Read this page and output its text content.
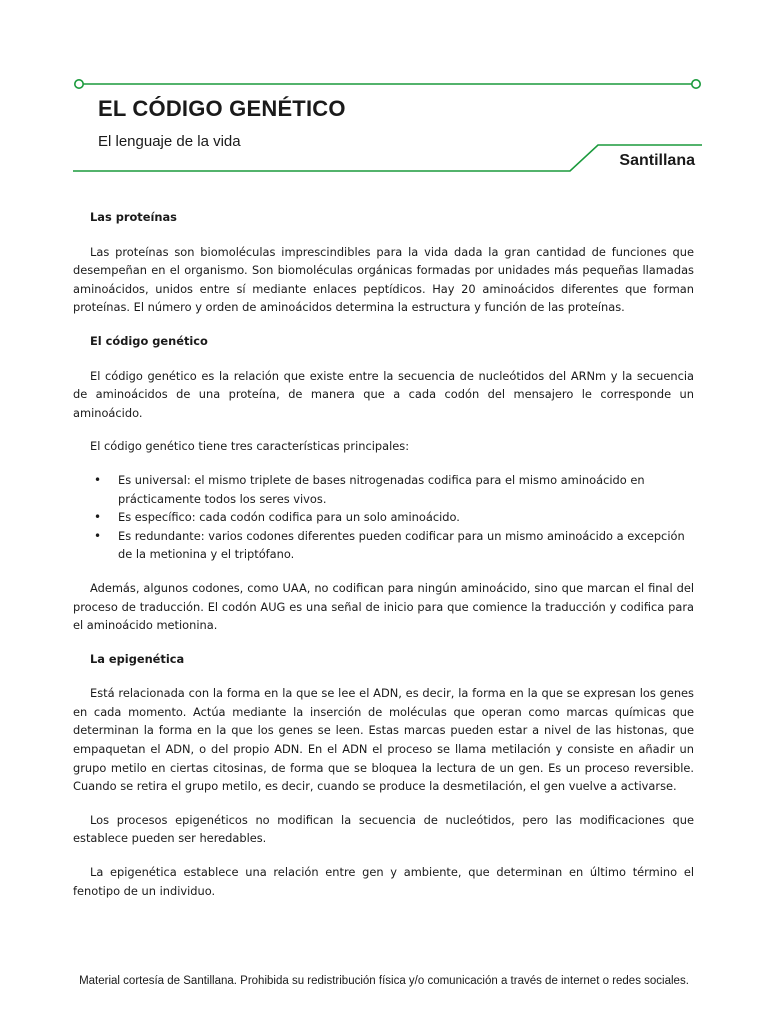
EL CÓDIGO GENÉTICO
El lenguaje de la vida
Santillana
Las proteínas

Las proteínas son biomoléculas imprescindibles para la vida dada la gran cantidad de funciones que desempeñan en el organismo. Son biomoléculas orgánicas formadas por unidades más pequeñas llamadas aminoácidos, unidos entre sí mediante enlaces peptídicos. Hay 20 aminoácidos diferentes que forman proteínas. El número y orden de aminoácidos determina la estructura y función de las proteínas.

El código genético

El código genético es la relación que existe entre la secuencia de nucleótidos del ARNm y la secuencia de aminoácidos de una proteína, de manera que a cada codón del mensajero le corresponde un aminoácido.

El código genético tiene tres características principales:

• Es universal: el mismo triplete de bases nitrogenadas codifica para el mismo aminoácido en prácticamente todos los seres vivos.
• Es específico: cada codón codifica para un solo aminoácido.
• Es redundante: varios codones diferentes pueden codificar para un mismo aminoácido a excepción de la metionina y el triptófano.

Además, algunos codones, como UAA, no codifican para ningún aminoácido, sino que marcan el final del proceso de traducción. El codón AUG es una señal de inicio para que comience la traducción y codifica para el aminoácido metionina.

La epigenética

Está relacionada con la forma en la que se lee el ADN, es decir, la forma en la que se expresan los genes en cada momento. Actúa mediante la inserción de moléculas que operan como marcas químicas que determinan la forma en la que los genes se leen. Estas marcas pueden estar a nivel de las histonas, que empaquetan el ADN, o del propio ADN. En el ADN el proceso se llama metilación y consiste en añadir un grupo metilo en ciertas citosinas, de forma que se bloquea la lectura de un gen. Es un proceso reversible. Cuando se retira el grupo metilo, es decir, cuando se produce la desmetilación, el gen vuelve a activarse.

Los procesos epigenéticos no modifican la secuencia de nucleótidos, pero las modificaciones que establece pueden ser heredables.

La epigenética establece una relación entre gen y ambiente, que determinan en último término el fenotipo de un individuo.

Material cortesía de Santillana. Prohibida su redistribución física y/o comunicación a través de internet o redes sociales.
